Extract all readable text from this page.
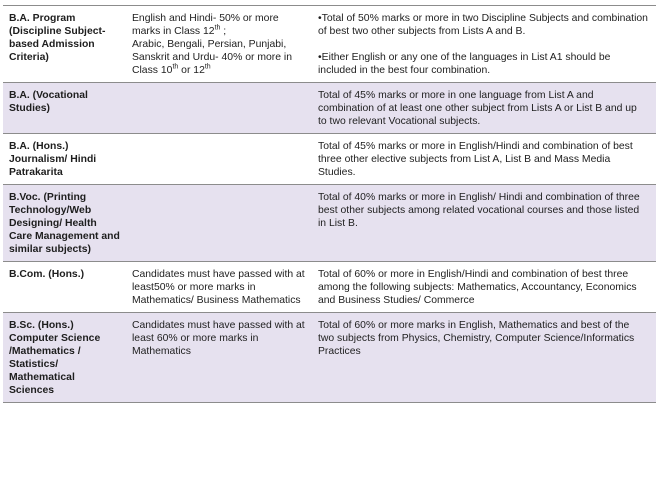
B.A. Program (Discipline Subject-based Admission Criteria)	English and Hindi- 50% or more marks in Class 12th ;
Arabic, Bengali, Persian, Punjabi, Sanskrit and Urdu- 40% or more in Class 10th or 12th	•Total of 50% marks or more in two Discipline Subjects and combination of best two other subjects from Lists A and B.
•Either English or any one of the languages in List A1 should be included in the best four combination.
B.A. (Vocational Studies)		Total of 45% marks or more in one language from List A and combination of at least one other subject from Lists A or List B and up to two relevant Vocational subjects.
B.A. (Hons.) Journalism/ Hindi Patrakarita		Total of 45% marks or more in English/Hindi and combination of best three other elective subjects from List A, List B and Mass Media Studies.
B.Voc. (Printing Technology/Web Designing/ Health Care Management and similar subjects)		Total of 40% marks or more in English/ Hindi and combination of three best other subjects among related vocational courses and those listed in List B.
B.Com. (Hons.)	Candidates must have passed with at least50% or more marks in Mathematics/ Business Mathematics	Total of 60% or more in English/Hindi and combination of best three among the following subjects: Mathematics, Accountancy, Economics and Business Studies/ Commerce
B.Sc. (Hons.) Computer Science /Mathematics / Statistics/ Mathematical Sciences	Candidates must have passed with at least 60% or more marks in Mathematics	Total of 60% or more marks in English, Mathematics and best of the two subjects from Physics, Chemistry, Computer Science/Informatics Practices
